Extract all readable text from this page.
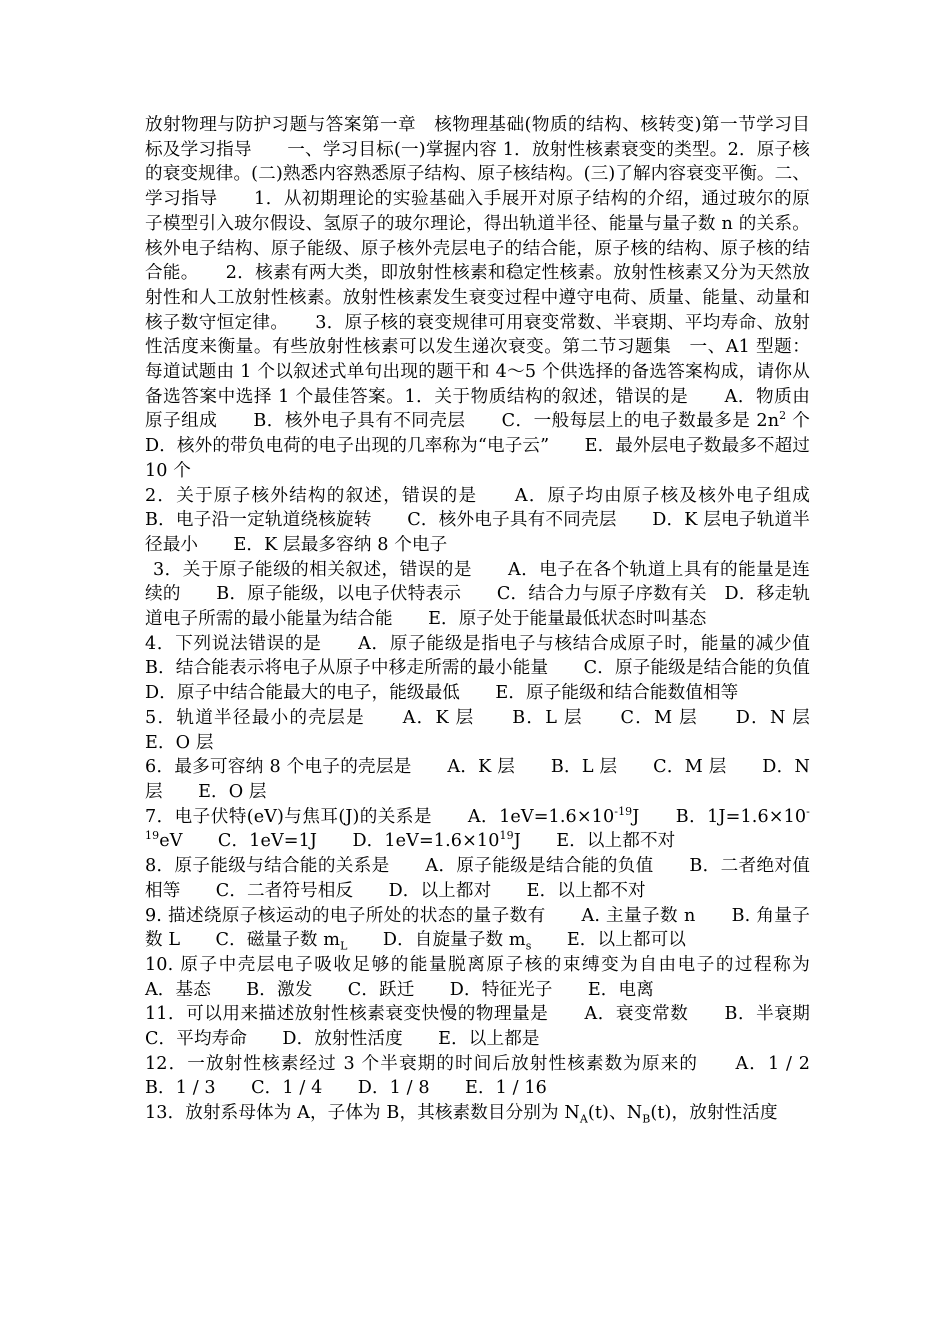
放射物理与防护习题与答案第一章　核物理基础(物质的结构、核转变)第一节学习目标及学习指导　　一、学习目标(一)掌握内容 1．放射性核素衰变的类型。2．原子核的衰变规律。(二)熟悉内容熟悉原子结构、原子核结构。(三)了解内容衰变平衡。二、学习指导　　1．从初期理论的实验基础入手展开对原子结构的介绍，通过玻尔的原子模型引入玻尔假设、氢原子的玻尔理论，得出轨道半径、能量与量子数 n 的关系。核外电子结构、原子能级、原子核外壳层电子的结合能，原子核的结构、原子核的结合能。　　2．核素有两大类，即放射性核素和稳定性核素。放射性核素又分为天然放射性和人工放射性核素。放射性核素发生衰变过程中遵守电荷、质量、能量、动量和核子数守恒定律。　　3．原子核的衰变规律可用衰变常数、半衰期、平均寿命、放射性活度来衡量。有些放射性核素可以发生递次衰变。第二节习题集　一、A1 型题：每道试题由 1 个以叙述式单句出现的题干和 4～5 个供选择的备选答案构成，请你从备选答案中选择 1 个最佳答案。1．关于物质结构的叙述，错误的是　　A．物质由原子组成　　B．核外电子具有不同壳层　　C．一般每层上的电子数最多是 $2n^2$ 个　　D．核外的带负电荷的电子出现的几率称为“电子云”　　E．最外层电子数最多不超过 10 个

2．关于原子核外结构的叙述，错误的是　　A．原子均由原子核及核外电子组成　　B．电子沿一定轨道绕核旋转　　C．核外电子具有不同壳层　　D．K 层电子轨道半径最小　　E．K 层最多容纳 8 个电子

3．关于原子能级的相关叙述，错误的是　　A．电子在各个轨道上具有的能量是连续的　　B．原子能级，以电子伏特表示　　C．结合力与原子序数有关　D．移走轨道电子所需的最小能量为结合能　　E．原子处于能量最低状态时叫基态

4．下列说法错误的是　　A．原子能级是指电子与核结合成原子时，能量的减少值　　B．结合能表示将电子从原子中移走所需的最小能量　　C．原子能级是结合能的负值　　D．原子中结合能最大的电子，能级最低　　E．原子能级和结合能数值相等

5．轨道半径最小的壳层是　　A．K 层　　B．L 层　　C．M 层　　D．N 层　E．O 层

6．最多可容纳 8 个电子的壳层是　　A．K 层　　B．L 层　　C．M 层　　D．N 层　　E．O 层

7．电子伏特(eV)与焦耳(J)的关系是　　A．$1eV=1.6\times 10^{-19}J$　　B．$1J=1.6\times 10^{-19}eV$　　C．1eV=1J　　D．$1eV=1.6\times 10^{19}J$　　E．以上都不对

8．原子能级与结合能的关系是　　A．原子能级是结合能的负值　　B．二者绝对值相等　　C．二者符号相反　　D．以上都对　　E．以上都不对

9. 描述绕原子核运动的电子所处的状态的量子数有　　A. 主量子数 n　　B. 角量子数 L　　C．磁量子数 $m_L$　　D．自旋量子数 $m_s$　　E．以上都可以

10. 原子中壳层电子吸收足够的能量脱离原子核的束缚变为自由电子的过程称为　A．基态　　B．激发　　C．跃迁　　D．特征光子　　E．电离

11．可以用来描述放射性核素衰变快慢的物理量是　　A．衰变常数　　B．半衰期　　C．平均寿命　　D．放射性活度　　E．以上都是

12．一放射性核素经过 3 个半衰期的时间后放射性核素数为原来的　　A．1 / 2　B．1 / 3　　C．1 / 4　　D．1 / 8　　E．1 / 16

13．放射系母体为 A，子体为 B，其核素数目分别为 $N_A(t)$、$N_B(t)$，放射性活度
